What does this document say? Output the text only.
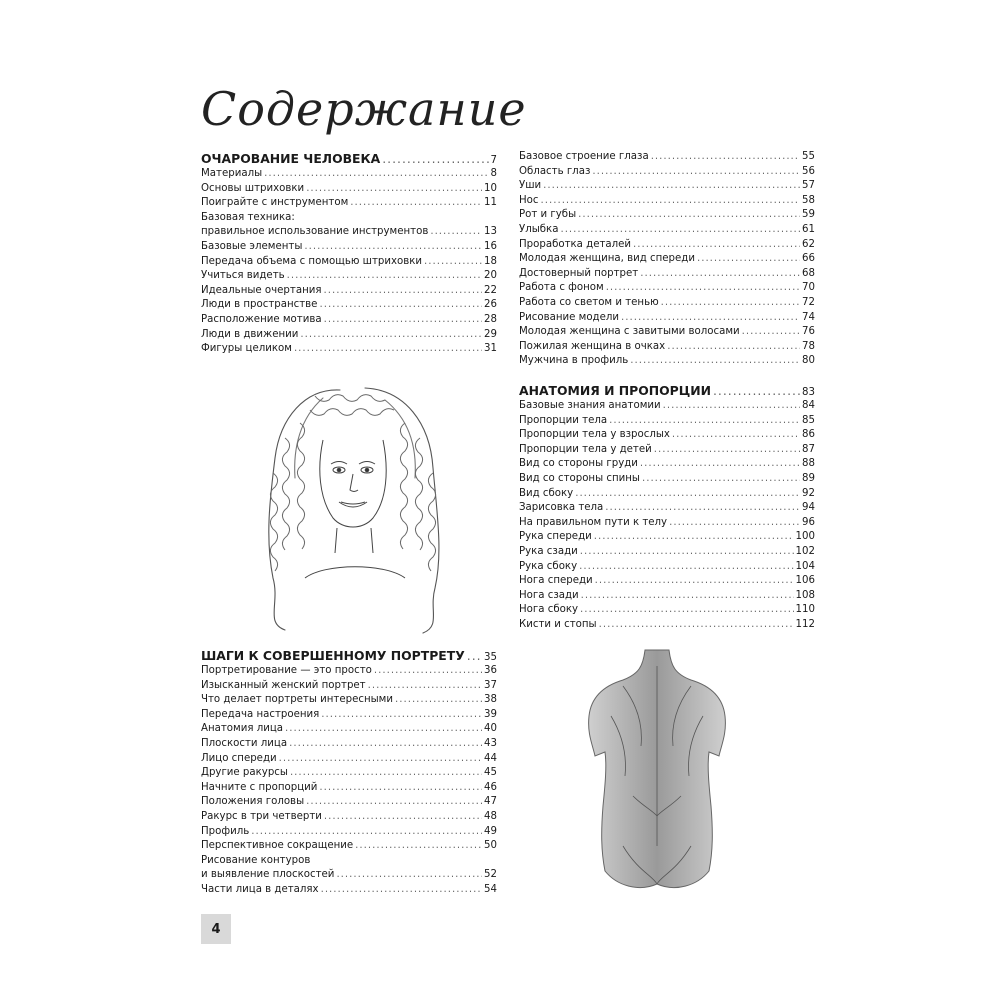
Содержание
ОЧАРОВАНИЕ ЧЕЛОВЕКА .....	7
Материалы .....	8
Основы штриховки .....	10
Поиграйте с инструментом .....	11
Базовая техника:
правильное использование инструментов .....	13
Базовые элементы .....	16
Передача объема с помощью штриховки .....	18
Учиться видеть .....	20
Идеальные очертания .....	22
Люди в пространстве .....	26
Расположение мотива .....	28
Люди в движении .....	29
Фигуры целиком .....	31
ШАГИ К СОВЕРШЕННОМУ ПОРТРЕТУ ..... 35
Портретирование — это просто .....	36
Изысканный женский портрет .....	37
Что делает портреты интересными .....	38
Передача настроения .....	39
Анатомия лица .....	40
Плоскости лица .....	43
Лицо спереди .....	44
Другие ракурсы .....	45
Начните с пропорций .....	46
Положения головы .....	47
Ракурс в три четверти .....	48
Профиль .....	49
Перспективное сокращение .....	50
Рисование контуров
и выявление плоскостей .....	52
Части лица в деталях .....	54
Базовое строение глаза .....	55
Область глаз .....	56
Уши .....	57
Нос .....	58
Рот и губы .....	59
Улыбка .....	61
Проработка деталей .....	62
Молодая женщина, вид спереди .....	66
Достоверный портрет .....	68
Работа с фоном .....	70
Работа со светом и тенью .....	72
Рисование модели .....	74
Молодая женщина с завитыми волосами .....	76
Пожилая женщина в очках .....	78
Мужчина в профиль .....	80
АНАТОМИЯ И ПРОПОРЦИИ .....	83
Базовые знания анатомии .....	84
Пропорции тела .....	85
Пропорции тела у взрослых .....	86
Пропорции тела у детей .....	87
Вид со стороны груди .....	88
Вид со стороны спины .....	89
Вид сбоку .....	92
Зарисовка тела .....	94
На правильном пути к телу .....	96
Рука спереди .....	100
Рука сзади .....	102
Рука сбоку .....	104
Нога спереди .....	106
Нога сзади .....	108
Нога сбоку .....	110
Кисти и стопы .....	112
4
